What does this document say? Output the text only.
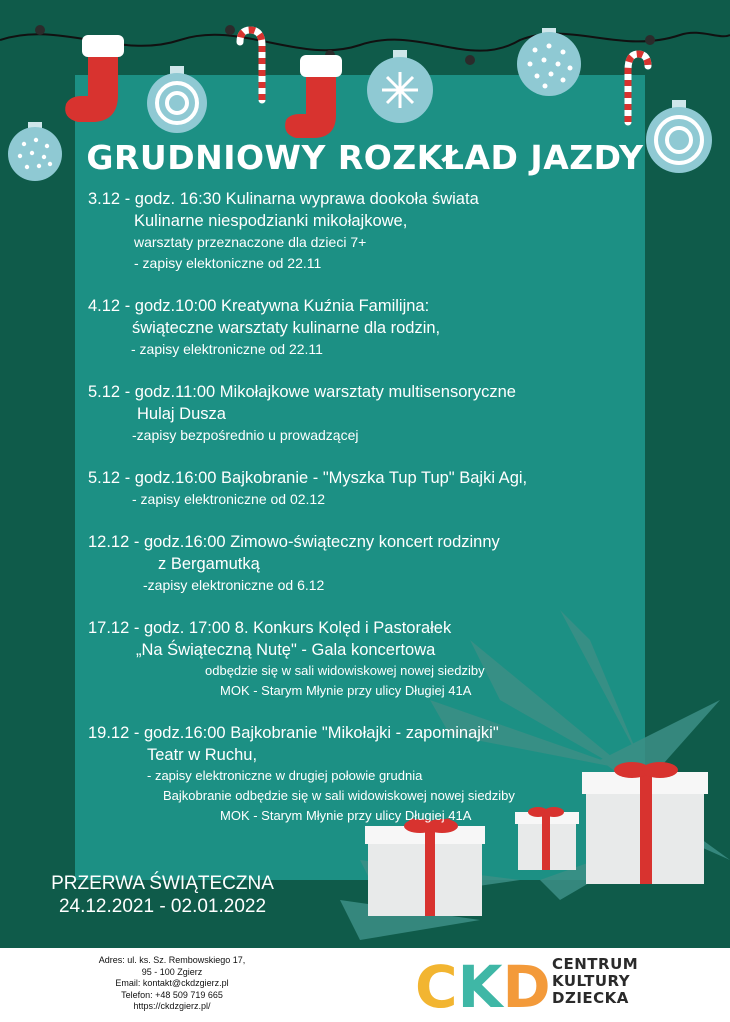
GRUDNIOWY ROZKŁAD JAZDY
3.12 - godz. 16:30 Kulinarna wyprawa dookoła świata
Kulinarne niespodzianki mikołajkowe,
warsztaty przeznaczone dla dzieci 7+
- zapisy elektoniczne od 22.11
4.12 - godz.10:00 Kreatywna Kuźnia Familijna:
świąteczne warsztaty kulinarne dla rodzin,
- zapisy elektroniczne od 22.11
5.12 - godz.11:00 Mikołajkowe warsztaty multisensoryczne
Hulaj Dusza
-zapisy bezpośrednio u prowadzącej
5.12 - godz.16:00 Bajkobranie - "Myszka Tup Tup" Bajki Agi,
- zapisy elektroniczne od 02.12
12.12 - godz.16:00 Zimowo-świąteczny koncert rodzinny
z Bergamutką
-zapisy elektroniczne od 6.12
17.12 - godz. 17:00 8. Konkurs Kolęd i Pastorałek
„Na Świąteczną Nutę" - Gala koncertowa
odbędzie się w sali widowiskowej nowej siedziby
MOK - Starym Młynie przy ulicy Długiej 41A
19.12 - godz.16:00 Bajkobranie "Mikołajki - zapominajki"
Teatr w Ruchu,
- zapisy elektroniczne w drugiej połowie grudnia
Bajkobranie odbędzie się w sali widowiskowej nowej siedziby
MOK - Starym Młynie przy ulicy Długiej 41A
PRZERWA ŚWIĄTECZNA
24.12.2021 - 02.01.2022
Adres: ul. ks. Sz. Rembowskiego 17,
95 - 100 Zgierz
Email: kontakt@ckdzgierz.pl
Telefon: +48 509 719 665
https://ckdzgierz.pl/	CKD CENTRUM
KULTURY
DZIECKA
